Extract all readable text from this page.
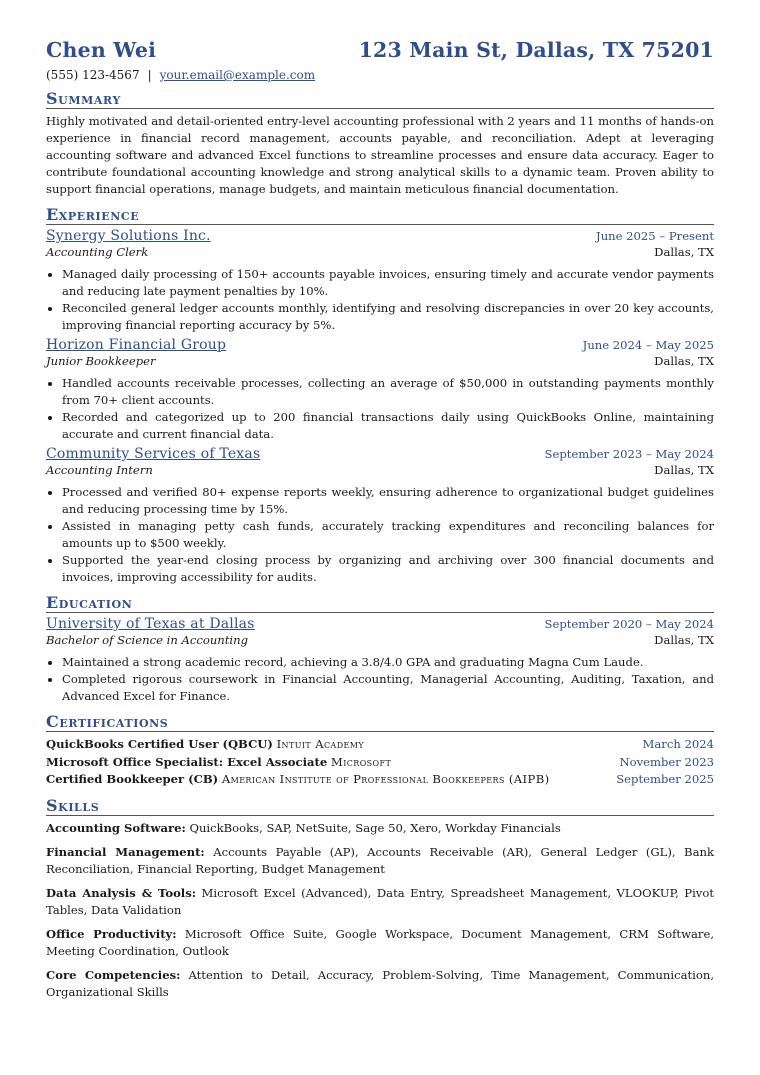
Chen Wei	123 Main St, Dallas, TX 75201
(555) 123-4567 | your.email@example.com
Summary
Highly motivated and detail-oriented entry-level accounting professional with 2 years and 11 months of hands-on experience in financial record management, accounts payable, and reconciliation. Adept at leveraging accounting software and advanced Excel functions to streamline processes and ensure data accuracy. Eager to contribute foundational accounting knowledge and strong analytical skills to a dynamic team. Proven ability to support financial operations, manage budgets, and maintain meticulous financial documentation.
Experience
Synergy Solutions Inc.	June 2025 – Present
Accounting Clerk	Dallas, TX
• Managed daily processing of 150+ accounts payable invoices, ensuring timely and accurate vendor payments and reducing late payment penalties by 10%.
• Reconciled general ledger accounts monthly, identifying and resolving discrepancies in over 20 key accounts, improving financial reporting accuracy by 5%.
Horizon Financial Group	June 2024 – May 2025
Junior Bookkeeper	Dallas, TX
• Handled accounts receivable processes, collecting an average of $50,000 in outstanding payments monthly from 70+ client accounts.
• Recorded and categorized up to 200 financial transactions daily using QuickBooks Online, maintaining accurate and current financial data.
Community Services of Texas	September 2023 – May 2024
Accounting Intern	Dallas, TX
• Processed and verified 80+ expense reports weekly, ensuring adherence to organizational budget guidelines and reducing processing time by 15%.
• Assisted in managing petty cash funds, accurately tracking expenditures and reconciling balances for amounts up to $500 weekly.
• Supported the year-end closing process by organizing and archiving over 300 financial documents and invoices, improving accessibility for audits.
Education
University of Texas at Dallas	September 2020 – May 2024
Bachelor of Science in Accounting	Dallas, TX
• Maintained a strong academic record, achieving a 3.8/4.0 GPA and graduating Magna Cum Laude.
• Completed rigorous coursework in Financial Accounting, Managerial Accounting, Auditing, Taxation, and Advanced Excel for Finance.
Certifications
QuickBooks Certified User (QBCU) Intuit Academy	March 2024
Microsoft Office Specialist: Excel Associate Microsoft	November 2023
Certified Bookkeeper (CB) American Institute of Professional Bookkeepers (AIPB)	September 2025
Skills
Accounting Software: QuickBooks, SAP, NetSuite, Sage 50, Xero, Workday Financials
Financial Management: Accounts Payable (AP), Accounts Receivable (AR), General Ledger (GL), Bank Reconciliation, Financial Reporting, Budget Management
Data Analysis & Tools: Microsoft Excel (Advanced), Data Entry, Spreadsheet Management, VLOOKUP, Pivot Tables, Data Validation
Office Productivity: Microsoft Office Suite, Google Workspace, Document Management, CRM Software, Meeting Coordination, Outlook
Core Competencies: Attention to Detail, Accuracy, Problem-Solving, Time Management, Communication, Organizational Skills
